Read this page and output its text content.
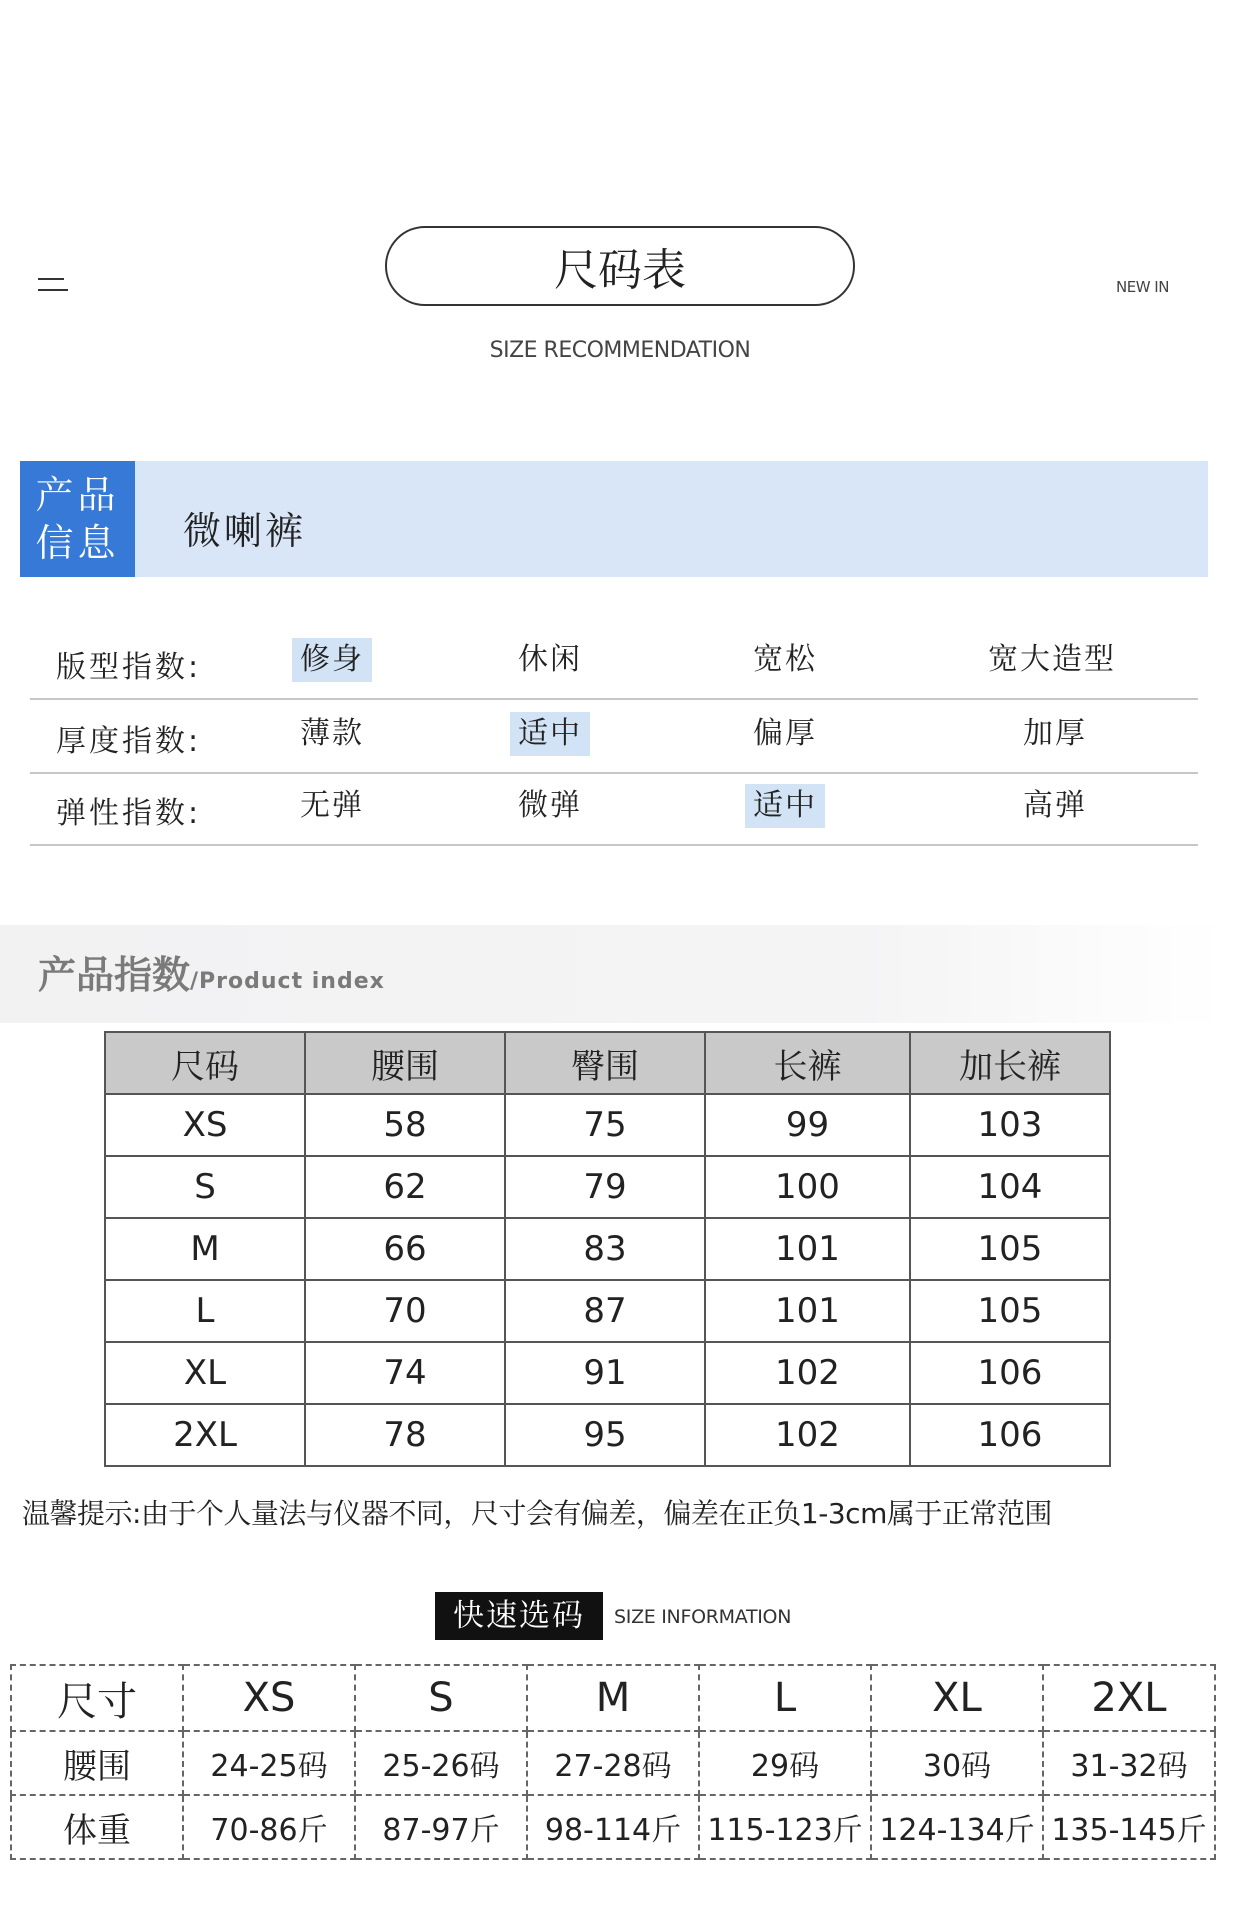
尺码表
SIZE RECOMMENDATION
NEW IN
产品
信息 微喇裤
版型指数:	修身	休闲	宽松	宽大造型
厚度指数:	薄款	适中	偏厚	加厚
弹性指数:	无弹	微弹	适中	高弹
产品指数/Product index
尺码	腰围	臀围	长裤	加长裤
XS	58	75	99	103
S	62	79	100	104
M	66	83	101	105
L	70	87	101	105
XL	74	91	102	106
2XL	78	95	102	106
温馨提示:由于个人量法与仪器不同，尺寸会有偏差，偏差在正负1-3cm属于正常范围
快速选码	SIZE INFORMATION
尺寸	XS	S	M	L	XL	2XL
腰围	24-25码	25-26码	27-28码	29码	30码	31-32码
体重	70-86斤	87-97斤	98-114斤	115-123斤	124-134斤	135-145斤
